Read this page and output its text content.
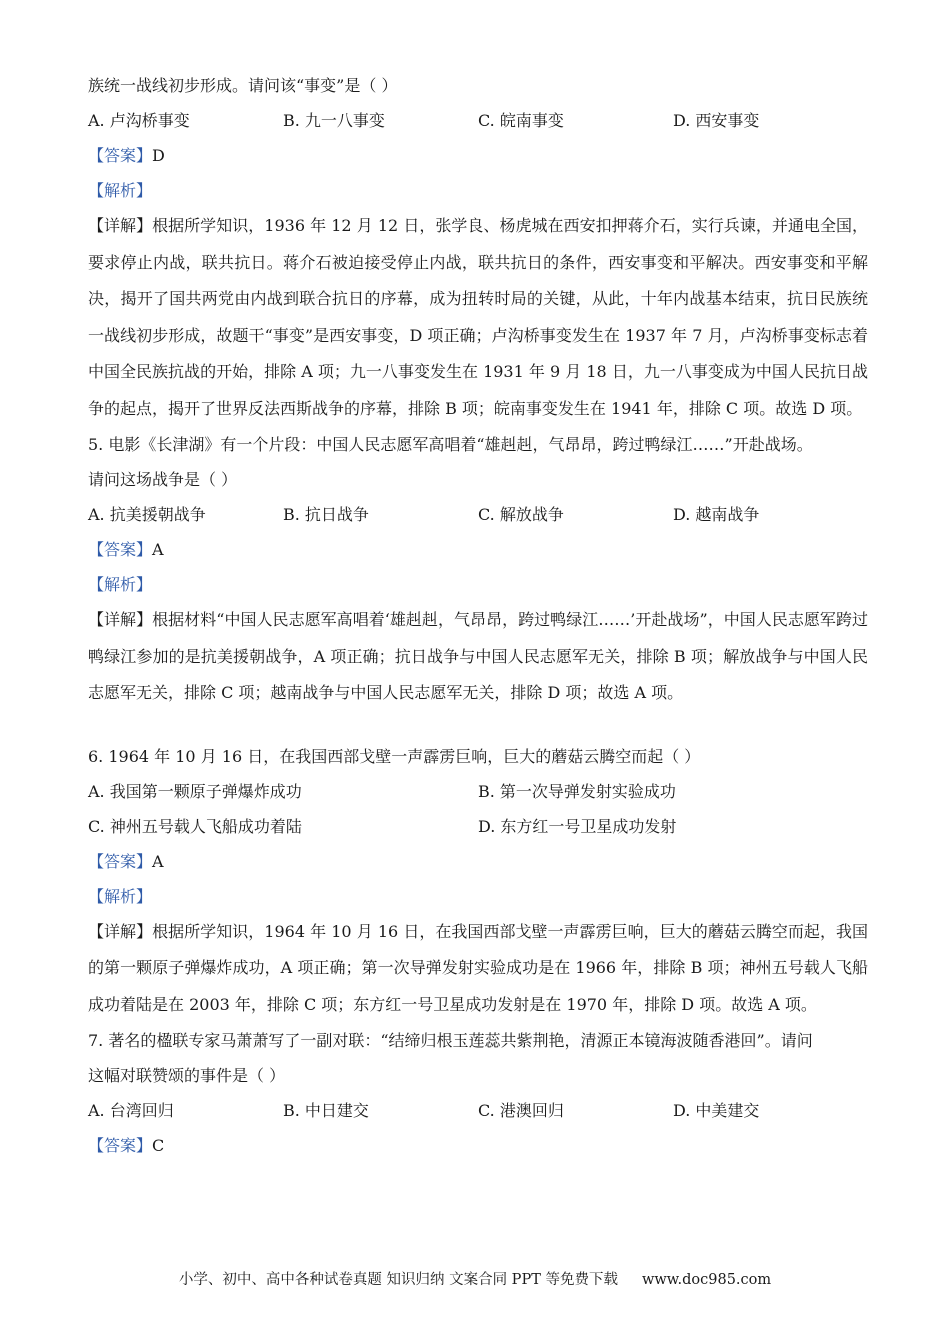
族统一战线初步形成。请问该“事变”是（ ）
A. 卢沟桥事变	B. 九一八事变	C. 皖南事变	D. 西安事变
【答案】D
【解析】
【详解】根据所学知识，1936 年 12 月 12 日，张学良、杨虎城在西安扣押蒋介石，实行兵谏，并通电全国，要求停止内战，联共抗日。蒋介石被迫接受停止内战，联共抗日的条件，西安事变和平解决。西安事变和平解决，揭开了国共两党由内战到联合抗日的序幕，成为扭转时局的关键，从此，十年内战基本结束，抗日民族统一战线初步形成，故题干“事变”是西安事变，D 项正确；卢沟桥事变发生在 1937 年 7 月，卢沟桥事变标志着中国全民族抗战的开始，排除 A 项；九一八事变发生在 1931 年 9 月 18 日，九一八事变成为中国人民抗日战争的起点，揭开了世界反法西斯战争的序幕，排除 B 项；皖南事变发生在 1941 年，排除 C 项。故选 D 项。
5. 电影《长津湖》有一个片段：中国人民志愿军高唱着“雄赳赳，气昂昂，跨过鸭绿江……”开赴战场。
请问这场战争是（ ）
A. 抗美援朝战争	B. 抗日战争	C. 解放战争	D. 越南战争
【答案】A
【解析】
【详解】根据材料“中国人民志愿军高唱着‘雄赳赳，气昂昂，跨过鸭绿江……’开赴战场”，中国人民志愿军跨过鸭绿江参加的是抗美援朝战争，A 项正确；抗日战争与中国人民志愿军无关，排除 B 项；解放战争与中国人民志愿军无关，排除 C 项；越南战争与中国人民志愿军无关，排除 D 项；故选 A 项。
6. 1964 年 10 月 16 日，在我国西部戈壁一声霹雳巨响，巨大的蘑菇云腾空而起（ ）
A. 我国第一颗原子弹爆炸成功	B. 第一次导弹发射实验成功
C. 神州五号载人飞船成功着陆	D. 东方红一号卫星成功发射
【答案】A
【解析】
【详解】根据所学知识，1964 年 10 月 16 日，在我国西部戈壁一声霹雳巨响，巨大的蘑菇云腾空而起，我国的第一颗原子弹爆炸成功，A 项正确；第一次导弹发射实验成功是在 1966 年，排除 B 项；神州五号载人飞船成功着陆是在 2003 年，排除 C 项；东方红一号卫星成功发射是在 1970 年，排除 D 项。故选 A 项。
7. 著名的楹联专家马萧萧写了一副对联：“结缔归根玉莲蕊共紫荆艳，清源正本镜海波随香港回”。请问
这幅对联赞颂的事件是（ ）
A. 台湾回归	B. 中日建交	C. 港澳回归	D. 中美建交
【答案】C
小学、初中、高中各种试卷真题 知识归纳 文案合同 PPT 等免费下载 www.doc985.com
